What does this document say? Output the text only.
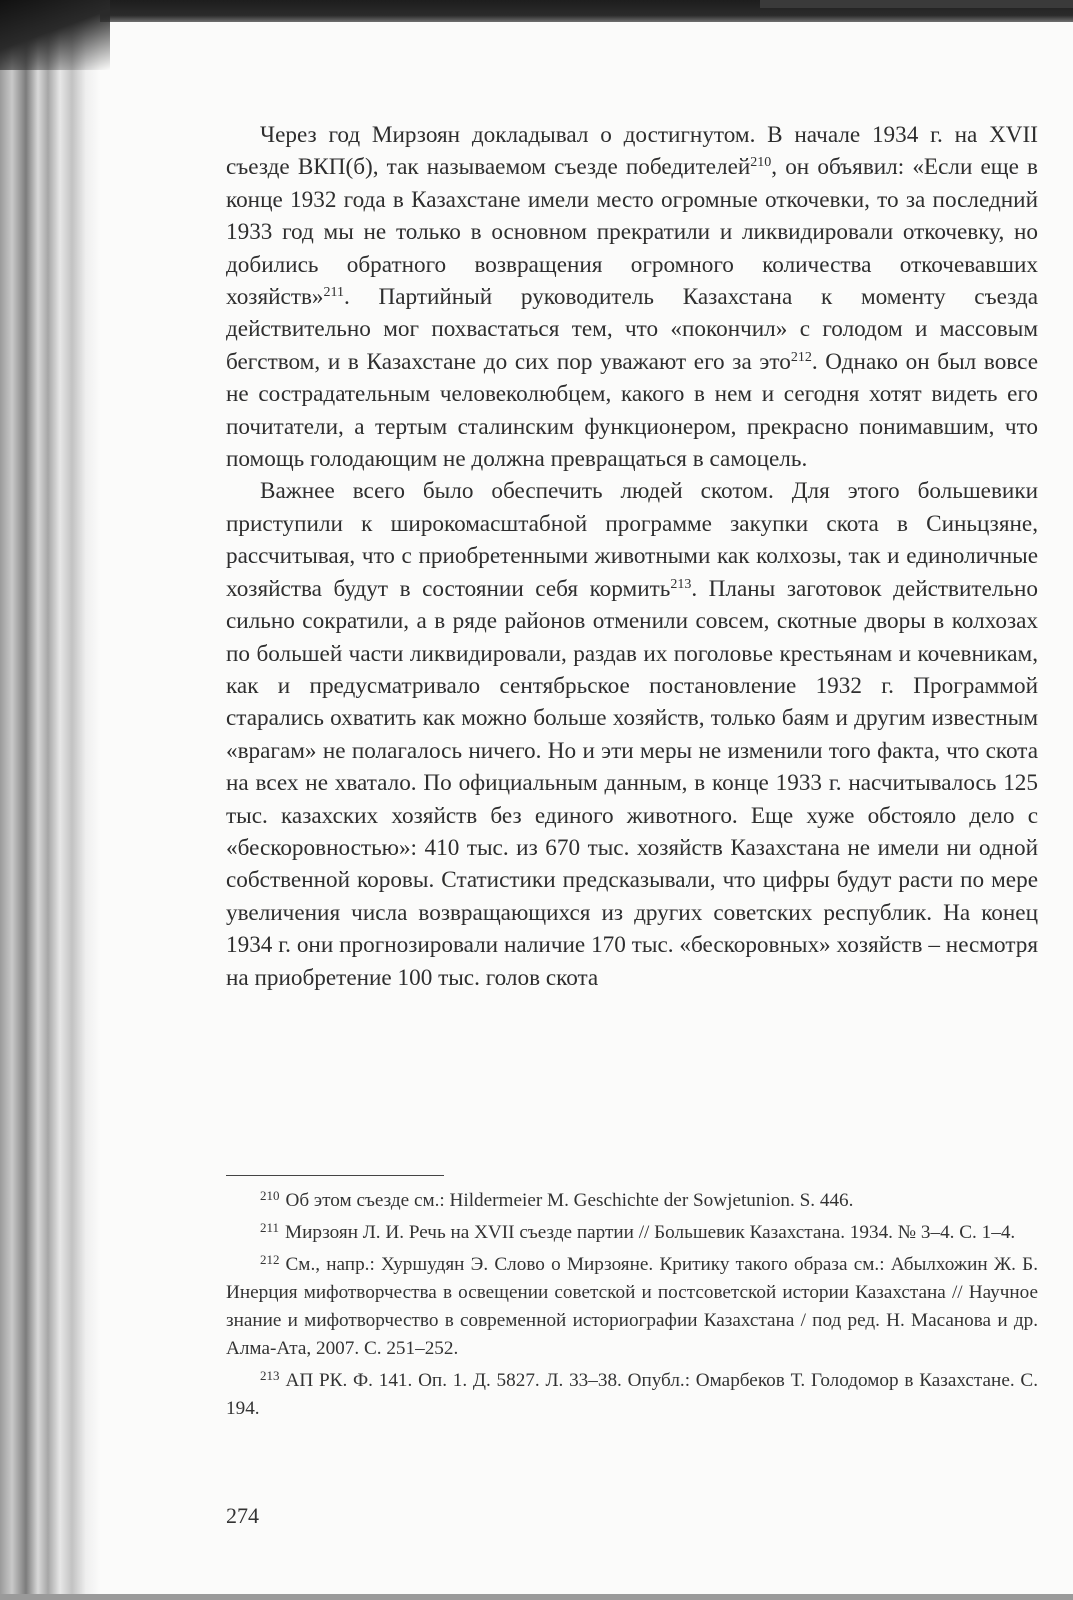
Через год Мирзоян докладывал о достигнутом. В начале 1934 г. на XVII съезде ВКП(б), так называемом съезде победителей$^{210}$, он объявил: «Если еще в конце 1932 года в Казахстане имели место огромные откочевки, то за последний 1933 год мы не только в основном прекратили и ликвидировали откочевку, но добились обратного возвращения огромного количества откочевавших хозяйств»$^{211}$. Партийный руководитель Казахстана к моменту съезда действительно мог похвастаться тем, что «покончил» с голодом и массовым бегством, и в Казахстане до сих пор уважают его за это$^{212}$. Однако он был вовсе не сострадательным человеколюбцем, какого в нем и сегодня хотят видеть его почитатели, а тертым сталинским функционером, прекрасно понимавшим, что помощь голодающим не должна превращаться в самоцель.

Важнее всего было обеспечить людей скотом. Для этого большевики приступили к широкомасштабной программе закупки скота в Синьцзяне, рассчитывая, что с приобретенными животными как колхозы, так и единоличные хозяйства будут в состоянии себя кормить$^{213}$. Планы заготовок действительно сильно сократили, а в ряде районов отменили совсем, скотные дворы в колхозах по большей части ликвидировали, раздав их поголовье крестьянам и кочевникам, как и предусматривало сентябрьское постановление 1932 г. Программой старались охватить как можно больше хозяйств, только баям и другим известным «врагам» не полагалось ничего. Но и эти меры не изменили того факта, что скота на всех не хватало. По официальным данным, в конце 1933 г. насчитывалось 125 тыс. казахских хозяйств без единого животного. Еще хуже обстояло дело с «бескоровностью»: 410 тыс. из 670 тыс. хозяйств Казахстана не имели ни одной собственной коровы. Статистики предсказывали, что цифры будут расти по мере увеличения числа возвращающихся из других советских республик. На конец 1934 г. они прогнозировали наличие 170 тыс. «бескоровных» хозяйств – несмотря на приобретение 100 тыс. голов скота

$^{210}$ Об этом съезде см.: Hildermeier M. Geschichte der Sowjetunion. S. 446.

$^{211}$ Мирзоян Л. И. Речь на XVII съезде партии // Большевик Казахстана. 1934. № 3–4. С. 1–4.

$^{212}$ См., напр.: Хуршудян Э. Слово о Мирзояне. Критику такого образа см.: Абылхожин Ж. Б. Инерция мифотворчества в освещении советской и постсоветской истории Казахстана // Научное знание и мифотворчество в современной историографии Казахстана / под ред. Н. Масанова и др. Алма-Ата, 2007. С. 251–252.

$^{213}$ АП РК. Ф. 141. Оп. 1. Д. 5827. Л. 33–38. Опубл.: Омарбеков Т. Голодомор в Казахстане. С. 194.

274
